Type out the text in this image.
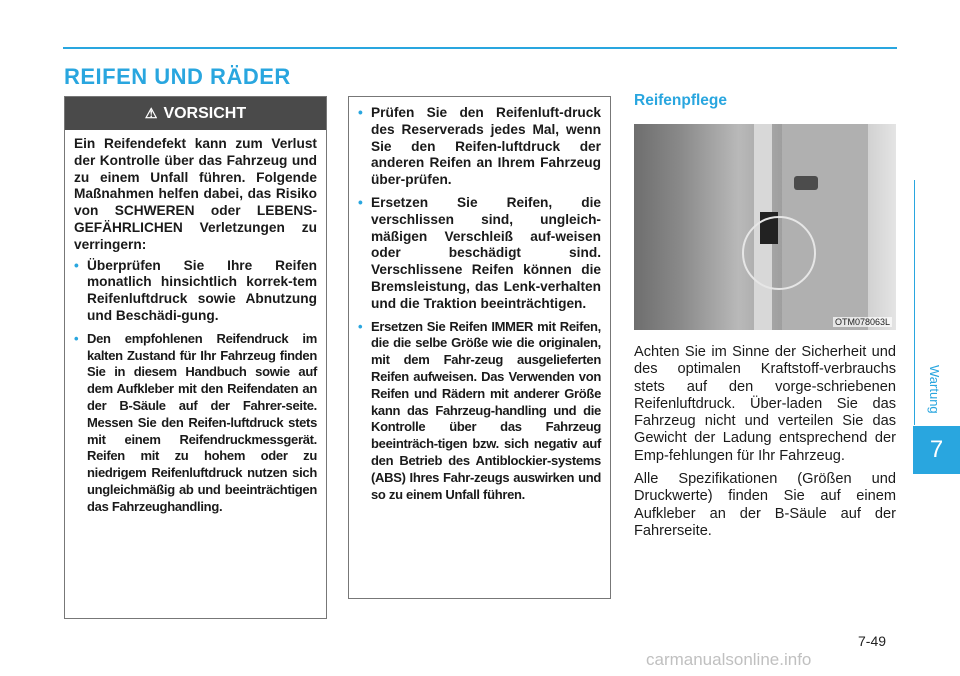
REIFEN UND RÄDER
Wartung
7
⚠ VORSICHT

Ein Reifendefekt kann zum Verlust der Kontrolle über das Fahrzeug und zu einem Unfall führen. Folgende Maßnahmen helfen dabei, das Risiko von SCHWEREN oder LEBENS-GEFÄHRLICHEN Verletzungen zu verringern:

• Überprüfen Sie Ihre Reifen monatlich hinsichtlich korrek-tem Reifenluftdruck sowie Abnutzung und Beschädi-gung.
• Den empfohlenen Reifendruck im kalten Zustand für Ihr Fahrzeug finden Sie in diesem Handbuch sowie auf dem Aufkleber mit den Reifendaten an der B-Säule auf der Fahrer-seite. Messen Sie den Reifen-luftdruck stets mit einem Reifendruckmessgerät. Reifen mit zu hohem oder zu niedrigem Reifenluftdruck nutzen sich ungleichmäßig ab und beeinträchtigen das Fahrzeughandling.
• Prüfen Sie den Reifenluft-druck des Reserverads jedes Mal, wenn Sie den Reifen-luftdruck der anderen Reifen an Ihrem Fahrzeug über-prüfen.
• Ersetzen Sie Reifen, die verschlissen sind, ungleich-mäßigen Verschleiß auf-weisen oder beschädigt sind. Verschlissene Reifen können die Bremsleistung, das Lenk-verhalten und die Traktion beeinträchtigen.
• Ersetzen Sie Reifen IMMER mit Reifen, die die selbe Größe wie die originalen, mit dem Fahr-zeug ausgelieferten Reifen aufweisen. Das Verwenden von Reifen und Rädern mit anderer Größe kann das Fahrzeug-handling und die Kontrolle über das Fahrzeug beeinträch-tigen bzw. sich negativ auf den Betrieb des Antiblockier-systems (ABS) Ihres Fahr-zeugs auswirken und so zu einem Unfall führen.
Reifenpflege
OTM078063L

Achten Sie im Sinne der Sicherheit und des optimalen Kraftstoff-verbrauchs stets auf den vorge-schriebenen Reifenluftdruck. Über-laden Sie das Fahrzeug nicht und verteilen Sie das Gewicht der Ladung entsprechend der Emp-fehlungen für Ihr Fahrzeug.

Alle Spezifikationen (Größen und Druckwerte) finden Sie auf einem Aufkleber an der B-Säule auf der Fahrerseite.

7-49
carmanualsonline.info
